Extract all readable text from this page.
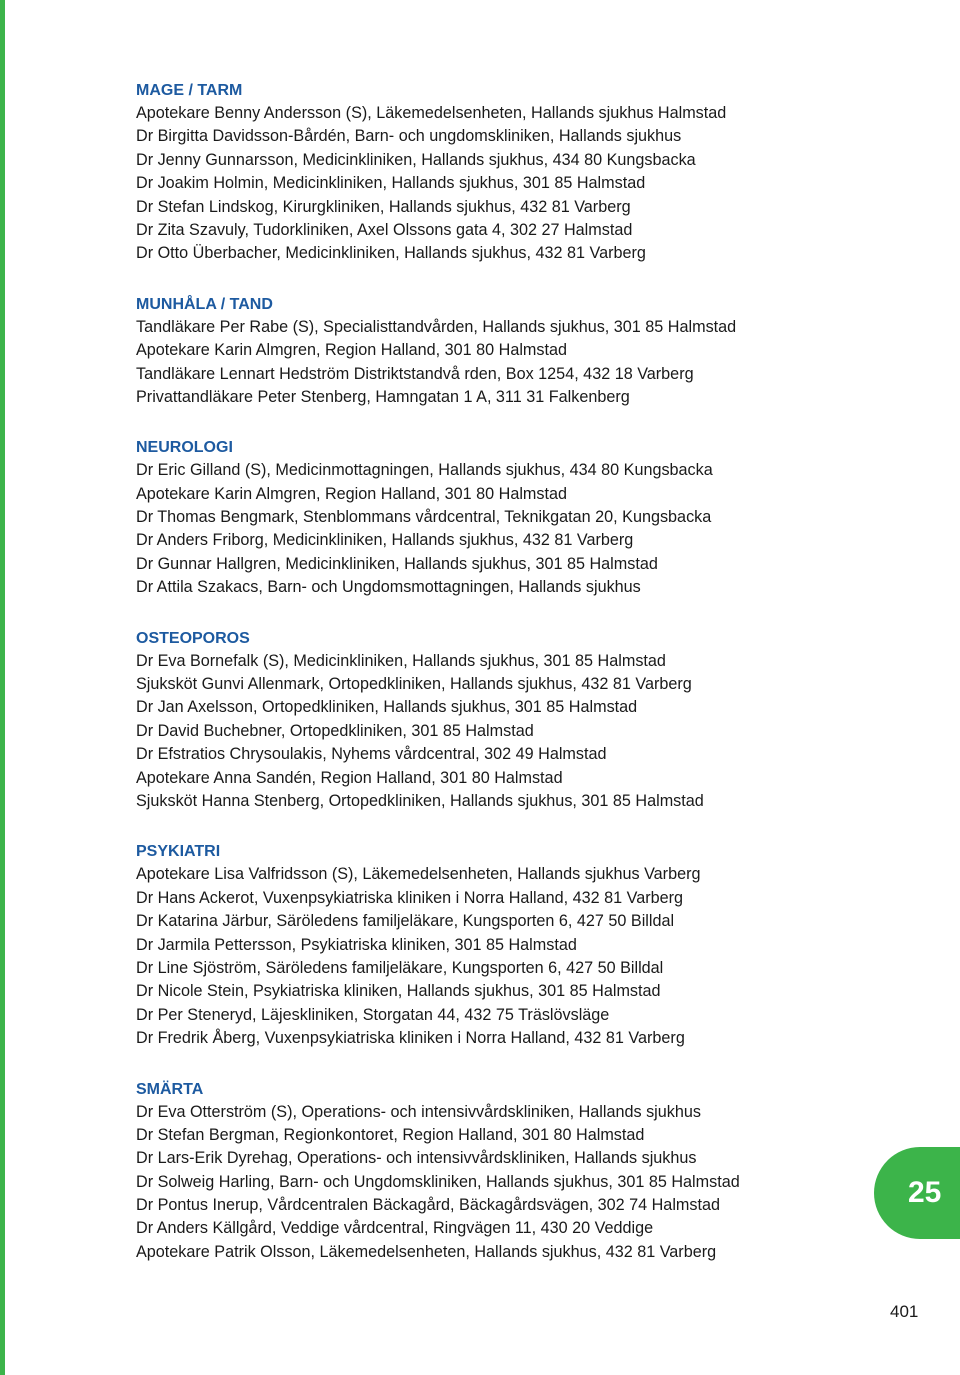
MAGE / TARM
Apotekare Benny Andersson (S), Läkemedelsenheten, Hallands sjukhus Halmstad
Dr Birgitta Davidsson-Bårdén, Barn- och ungdomskliniken, Hallands sjukhus
Dr Jenny Gunnarsson, Medicinkliniken, Hallands sjukhus, 434 80 Kungsbacka
Dr Joakim Holmin, Medicinkliniken, Hallands sjukhus, 301 85 Halmstad
Dr Stefan Lindskog, Kirurgkliniken, Hallands sjukhus, 432 81 Varberg
Dr Zita Szavuly, Tudorkliniken, Axel Olssons gata 4, 302 27 Halmstad
Dr Otto Überbacher, Medicinkliniken, Hallands sjukhus, 432 81 Varberg
MUNHÅLA / TAND
Tandläkare Per Rabe (S), Specialisttandvården, Hallands sjukhus, 301 85 Halmstad
Apotekare Karin Almgren, Region Halland, 301 80 Halmstad
Tandläkare Lennart Hedström Distriktstandvå rden, Box 1254, 432 18 Varberg
Privattandläkare Peter Stenberg, Hamngatan 1 A, 311 31 Falkenberg
NEUROLOGI
Dr Eric Gilland (S), Medicinmottagningen, Hallands sjukhus, 434 80 Kungsbacka
Apotekare Karin Almgren, Region Halland, 301 80 Halmstad
Dr Thomas Bengmark, Stenblommans vårdcentral, Teknikgatan 20, Kungsbacka
Dr Anders Friborg, Medicinkliniken, Hallands sjukhus, 432 81 Varberg
Dr Gunnar Hallgren, Medicinkliniken, Hallands sjukhus, 301 85 Halmstad
Dr Attila Szakacs, Barn- och Ungdomsmottagningen, Hallands sjukhus
OSTEOPOROS
Dr Eva Bornefalk (S), Medicinkliniken, Hallands sjukhus, 301 85 Halmstad
Sjuksköt Gunvi Allenmark, Ortopedkliniken, Hallands sjukhus, 432 81 Varberg
Dr Jan Axelsson, Ortopedkliniken, Hallands sjukhus, 301 85 Halmstad
Dr David Buchebner, Ortopedkliniken, 301 85 Halmstad
Dr Efstratios Chrysoulakis, Nyhems vårdcentral, 302 49 Halmstad
Apotekare Anna Sandén, Region Halland, 301 80 Halmstad
Sjuksköt Hanna Stenberg, Ortopedkliniken, Hallands sjukhus, 301 85 Halmstad
PSYKIATRI
Apotekare Lisa Valfridsson (S), Läkemedelsenheten, Hallands sjukhus Varberg
Dr Hans Ackerot, Vuxenpsykiatriska kliniken i Norra Halland, 432 81 Varberg
Dr Katarina Järbur, Säröledens familjeläkare, Kungsporten 6, 427 50 Billdal
Dr Jarmila Pettersson, Psykiatriska kliniken, 301 85 Halmstad
Dr Line Sjöström, Säröledens familjeläkare, Kungsporten 6, 427 50 Billdal
Dr Nicole Stein, Psykiatriska kliniken, Hallands sjukhus, 301 85 Halmstad
Dr Per Steneryd, Läjeskliniken, Storgatan 44, 432 75 Träslövsläge
Dr Fredrik Åberg, Vuxenpsykiatriska kliniken i Norra Halland, 432 81 Varberg
SMÄRTA
Dr Eva Otterström (S), Operations- och intensivvårdskliniken, Hallands sjukhus
Dr Stefan Bergman, Regionkontoret, Region Halland, 301 80 Halmstad
Dr Lars-Erik Dyrehag, Operations- och intensivvårdskliniken, Hallands sjukhus
Dr Solweig Harling, Barn- och Ungdomskliniken, Hallands sjukhus, 301 85 Halmstad
Dr Pontus Inerup, Vårdcentralen Bäckagård, Bäckagårdsvägen, 302 74 Halmstad
Dr Anders Källgård, Veddige vårdcentral, Ringvägen 11, 430 20 Veddige
Apotekare Patrik Olsson, Läkemedelsenheten, Hallands sjukhus, 432 81 Varberg
25
401
